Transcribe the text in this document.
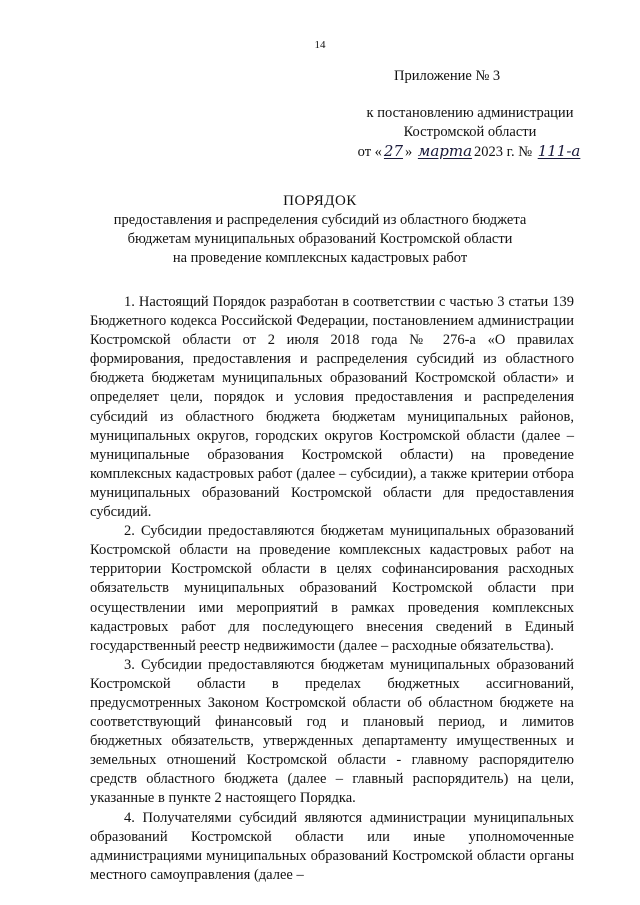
14
Приложение № 3
к постановлению администрации
Костромской области
от « 27 » марта 2023 г. № 111-а
ПОРЯДОК
предоставления и распределения субсидий из областного бюджета
бюджетам муниципальных образований Костромской области
на проведение комплексных кадастровых работ

1. Настоящий Порядок разработан в соответствии с частью 3 статьи 139 Бюджетного кодекса Российской Федерации, постановлением администрации Костромской области от 2 июля 2018 года № 276-а «О правилах формирования, предоставления и распределения субсидий из областного бюджета бюджетам муниципальных образований Костромской области» и определяет цели, порядок и условия предоставления и распределения субсидий из областного бюджета бюджетам муниципальных районов, муниципальных округов, городских округов Костромской области (далее – муниципальные образования Костромской области) на проведение комплексных кадастровых работ (далее – субсидии), а также критерии отбора муниципальных образований Костромской области для предоставления субсидий.

2. Субсидии предоставляются бюджетам муниципальных образований Костромской области на проведение комплексных кадастровых работ на территории Костромской области в целях софинансирования расходных обязательств муниципальных образований Костромской области при осуществлении ими мероприятий в рамках проведения комплексных кадастровых работ для последующего внесения сведений в Единый государственный реестр недвижимости (далее – расходные обязательства).

3. Субсидии предоставляются бюджетам муниципальных образований Костромской области в пределах бюджетных ассигнований, предусмотренных Законом Костромской области об областном бюджете на соответствующий финансовый год и плановый период, и лимитов бюджетных обязательств, утвержденных департаменту имущественных и земельных отношений Костромской области - главному распорядителю средств областного бюджета (далее – главный распорядитель) на цели, указанные в пункте 2 настоящего Порядка.

4. Получателями субсидий являются администрации муниципальных образований Костромской области или иные уполномоченные администрациями муниципальных образований Костромской области органы местного самоуправления (далее –
